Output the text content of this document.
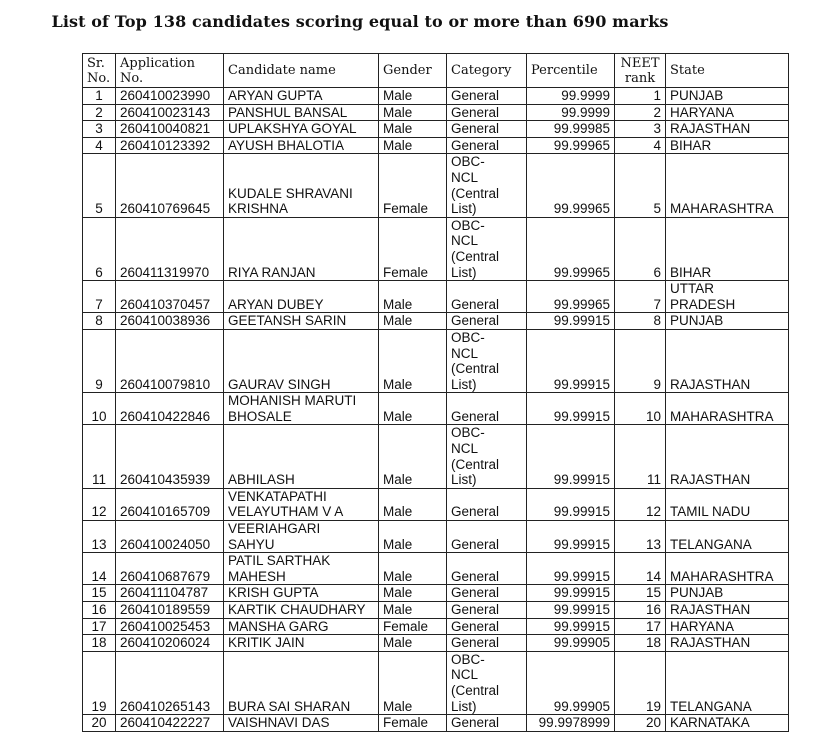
List of Top 138 candidates scoring equal to or more than 690 marks
Sr.
No.	Application
No.	Candidate name	Gender	Category	Percentile	NEET
rank	State
1	260410023990	ARYAN GUPTA	Male	General	99.9999	1	PUNJAB
2	260410023143	PANSHUL BANSAL	Male	General	99.9999	2	HARYANA
3	260410040821	UPLAKSHYA GOYAL	Male	General	99.99985	3	RAJASTHAN
4	260410123392	AYUSH BHALOTIA	Male	General	99.99965	4	BIHAR
5	260410769645	KUDALE SHRAVANI
KRISHNA	Female	OBC-
NCL
(Central
List)	99.99965	5	MAHARASHTRA
6	260411319970	RIYA RANJAN	Female	OBC-
NCL
(Central
List)	99.99965	6	BIHAR
7	260410370457	ARYAN DUBEY	Male	General	99.99965	7	UTTAR
PRADESH
8	260410038936	GEETANSH SARIN	Male	General	99.99915	8	PUNJAB
9	260410079810	GAURAV SINGH	Male	OBC-
NCL
(Central
List)	99.99915	9	RAJASTHAN
10	260410422846	MOHANISH MARUTI
BHOSALE	Male	General	99.99915	10	MAHARASHTRA
11	260410435939	ABHILASH	Male	OBC-
NCL
(Central
List)	99.99915	11	RAJASTHAN
12	260410165709	VENKATAPATHI
VELAYUTHAM V A	Male	General	99.99915	12	TAMIL NADU
13	260410024050	VEERIAHGARI
SAHYU	Male	General	99.99915	13	TELANGANA
14	260410687679	PATIL SARTHAK
MAHESH	Male	General	99.99915	14	MAHARASHTRA
15	260411104787	KRISH GUPTA	Male	General	99.99915	15	PUNJAB
16	260410189559	KARTIK CHAUDHARY	Male	General	99.99915	16	RAJASTHAN
17	260410025453	MANSHA GARG	Female	General	99.99915	17	HARYANA
18	260410206024	KRITIK JAIN	Male	General	99.99905	18	RAJASTHAN
19	260410265143	BURA SAI SHARAN	Male	OBC-
NCL
(Central
List)	99.99905	19	TELANGANA
20	260410422227	VAISHNAVI DAS	Female	General	99.9978999	20	KARNATAKA
